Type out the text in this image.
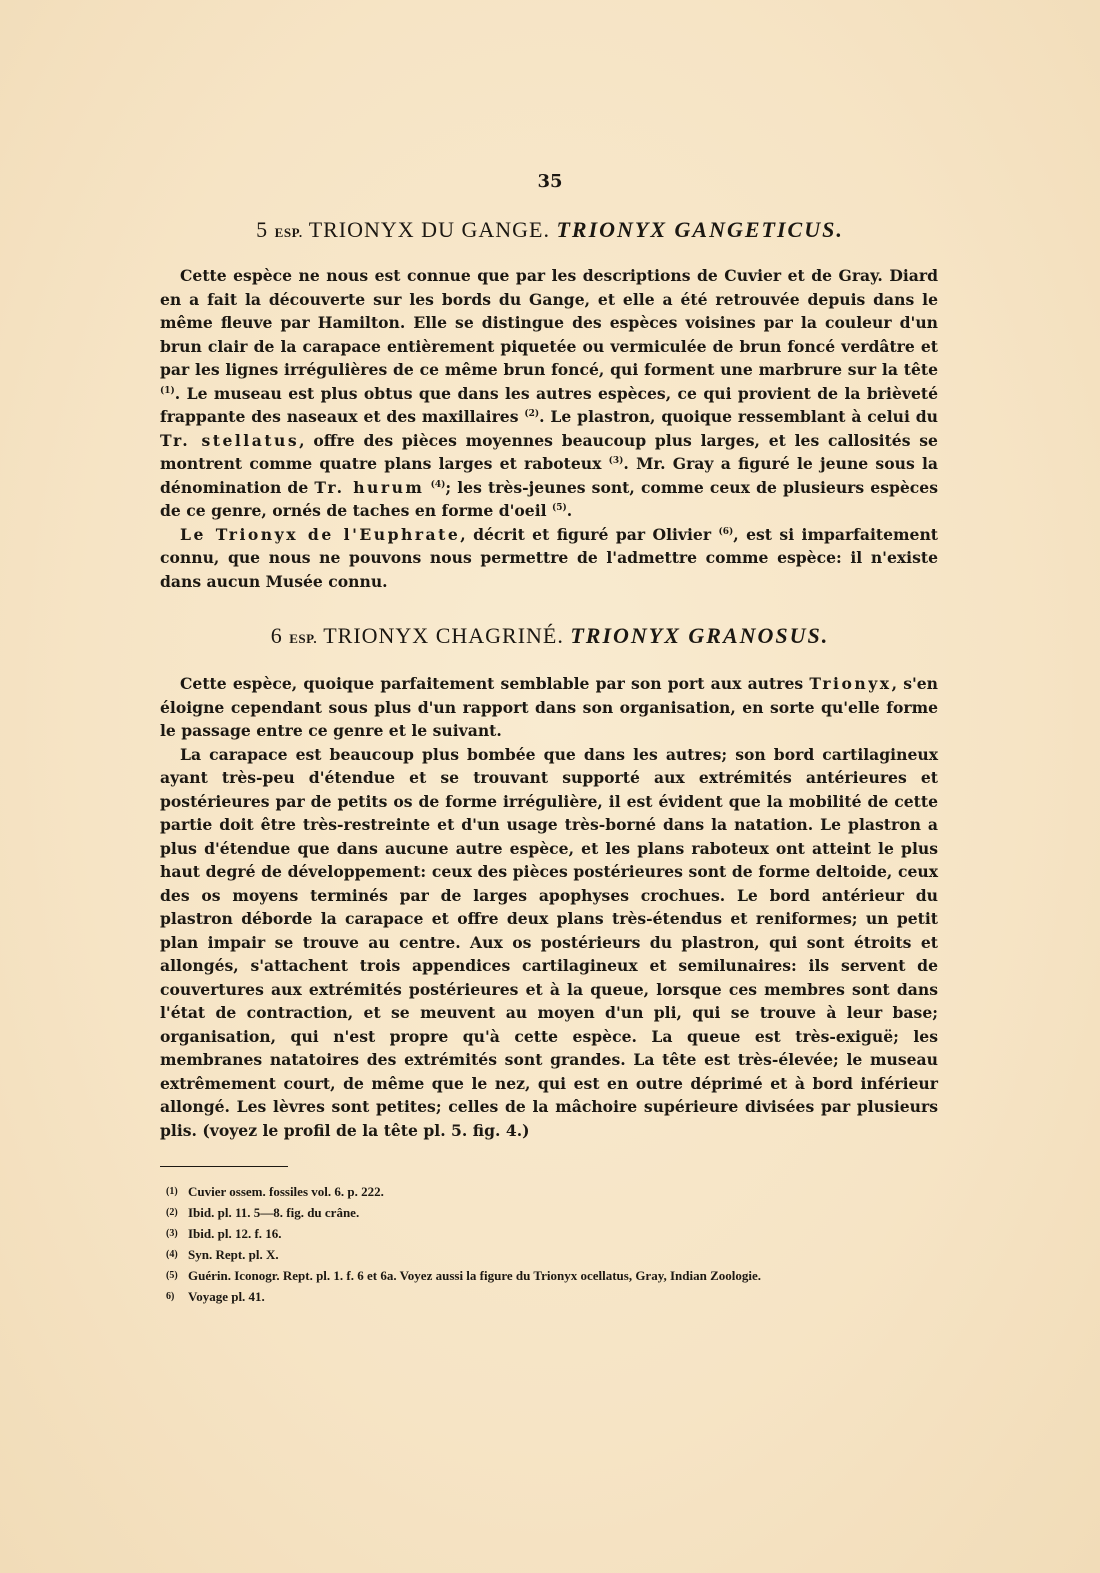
35
5 ESP. TRIONYX DU GANGE. TRIONYX GANGETICUS.

Cette espèce ne nous est connue que par les descriptions de Cuvier et de Gray. Diard en a fait la découverte sur les bords du Gange, et elle a été retrouvée depuis dans le même fleuve par Hamilton. Elle se distingue des espèces voisines par la couleur d'un brun clair de la carapace entièrement piquetée ou vermiculée de brun foncé verdâtre et par les lignes irrégulières de ce même brun foncé, qui forment une marbrure sur la tête $^{(1)}$. Le museau est plus obtus que dans les autres espèces, ce qui provient de la brièveté frappante des naseaux et des maxillaires $^{(2)}$. Le plastron, quoique ressemblant à celui du Tr. stellatus, offre des pièces moyennes beaucoup plus larges, et les callosités se montrent comme quatre plans larges et raboteux $^{(3)}$. Mr. Gray a figuré le jeune sous la dénomination de Tr. hurum $^{(4)}$; les très-jeunes sont, comme ceux de plusieurs espèces de ce genre, ornés de taches en forme d'oeil $^{(5)}$.

Le Trionyx de l'Euphrate, décrit et figuré par Olivier $^{(6)}$, est si imparfaitement connu, que nous ne pouvons nous permettre de l'admettre comme espèce: il n'existe dans aucun Musée connu.

6 ESP. TRIONYX CHAGRINÉ. TRIONYX GRANOSUS.

Cette espèce, quoique parfaitement semblable par son port aux autres Trionyx, s'en éloigne cependant sous plus d'un rapport dans son organisation, en sorte qu'elle forme le passage entre ce genre et le suivant.

La carapace est beaucoup plus bombée que dans les autres; son bord cartilagineux ayant très-peu d'étendue et se trouvant supporté aux extrémités antérieures et postérieures par de petits os de forme irrégulière, il est évident que la mobilité de cette partie doit être très-restreinte et d'un usage très-borné dans la natation. Le plastron a plus d'étendue que dans aucune autre espèce, et les plans raboteux ont atteint le plus haut degré de développement: ceux des pièces postérieures sont de forme deltoide, ceux des os moyens terminés par de larges apophyses crochues. Le bord antérieur du plastron déborde la carapace et offre deux plans très-étendus et reniformes; un petit plan impair se trouve au centre. Aux os postérieurs du plastron, qui sont étroits et allongés, s'attachent trois appendices cartilagineux et semilunaires: ils servent de couvertures aux extrémités postérieures et à la queue, lorsque ces membres sont dans l'état de contraction, et se meuvent au moyen d'un pli, qui se trouve à leur base; organisation, qui n'est propre qu'à cette espèce. La queue est très-exiguë; les membranes natatoires des extrémités sont grandes. La tête est très-élevée; le museau extrêmement court, de même que le nez, qui est en outre déprimé et à bord inférieur allongé. Les lèvres sont petites; celles de la mâchoire supérieure divisées par plusieurs plis. (voyez le profil de la tête pl. 5. fig. 4.)

(1) Cuvier ossem. fossiles vol. 6. p. 222.
(2) Ibid. pl. 11. 5—8. fig. du crâne.
(3) Ibid. pl. 12. f. 16.
(4) Syn. Rept. pl. X.
(5) Guérin. Iconogr. Rept. pl. 1. f. 6 et 6a. Voyez aussi la figure du Trionyx ocellatus, Gray, Indian Zoologie.
6) Voyage pl. 41.
